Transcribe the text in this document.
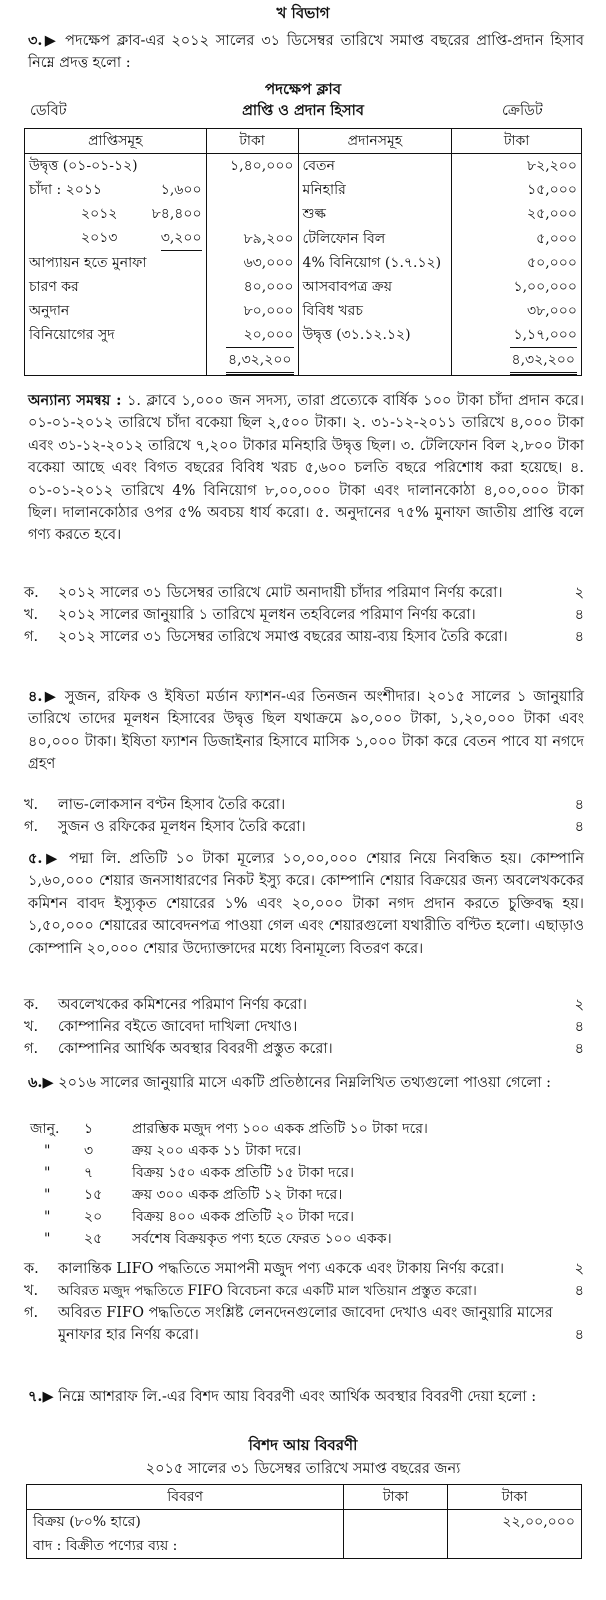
খ বিভাগ
৩.▶ পদক্ষেপ ক্লাব-এর ২০১২ সালের ৩১ ডিসেম্বর তারিখে সমাপ্ত বছরের প্রাপ্তি-প্রদান হিসাব নিম্নে প্রদত্ত হলো :
পদক্ষেপ ক্লাব
ডেবিট	প্রাপ্তি ও প্রদান হিসাব	ক্রেডিট
প্রাপ্তিসমূহ	টাকা	প্রদানসমূহ	টাকা
উদ্বৃত্ত (০১-০১-১২)	১,৪০,০০০	বেতন	৮২,২০০
চাঁদা : ২০১১ ১,৬০০		মনিহারি	১৫,০০০
২০১২ ৮৪,৪০০		শুল্ক	২৫,০০০
২০১৩ ৩,২০০	৮৯,২০০	টেলিফোন বিল	৫,০০০
আপ্যায়ন হতে মুনাফা	৬৩,০০০	4% বিনিয়োগ (১.৭.১২)	৫০,০০০
চারণ কর	৪০,০০০	আসবাবপত্র ক্রয়	১,০০,০০০
অনুদান	৮০,০০০	বিবিধ খরচ	৩৮,০০০
বিনিয়োগের সুদ	২০,০০০	উদ্বৃত্ত (৩১.১২.১২)	১,১৭,০০০
	৪,৩২,২০০		৪,৩২,২০০
অন্যান্য সমন্বয় : ১. ক্লাবে ১,০০০ জন সদস্য, তারা প্রত্যেকে বার্ষিক ১০০ টাকা চাঁদা প্রদান করে। ০১-০১-২০১২ তারিখে চাঁদা বকেয়া ছিল ২,৫০০ টাকা। ২. ৩১-১২-২০১১ তারিখে ৪,০০০ টাকা এবং ৩১-১২-২০১২ তারিখে ৭,২০০ টাকার মনিহারি উদ্বৃত্ত ছিল। ৩. টেলিফোন বিল ২,৮০০ টাকা বকেয়া আছে এবং বিগত বছরের বিবিধ খরচ ৫,৬০০ চলতি বছরে পরিশোধ করা হয়েছে। ৪. ০১-০১-২০১২ তারিখে 4% বিনিয়োগ ৮,০০,০০০ টাকা এবং দালানকোঠা ৪,০০,০০০ টাকা ছিল। দালানকোঠার ওপর ৫% অবচয় ধার্য করো। ৫. অনুদানের ৭৫% মুনাফা জাতীয় প্রাপ্তি বলে গণ্য করতে হবে।
ক.	২০১২ সালের ৩১ ডিসেম্বর তারিখে মোট অনাদায়ী চাঁদার পরিমাণ নির্ণয় করো।	২
খ.	২০১২ সালের জানুয়ারি ১ তারিখে মূলধন তহবিলের পরিমাণ নির্ণয় করো।	৪
গ.	২০১২ সালের ৩১ ডিসেম্বর তারিখে সমাপ্ত বছরের আয়-ব্যয় হিসাব তৈরি করো।	৪
৪.▶ সুজন, রফিক ও ইষিতা মর্ডান ফ্যাশন-এর তিনজন অংশীদার। ২০১৫ সালের ১ জানুয়ারি তারিখে তাদের মূলধন হিসাবের উদ্বৃত্ত ছিল যথাক্রমে ৯০,০০০ টাকা, ১,২০,০০০ টাকা এবং ৪০,০০০ টাকা। ইষিতা ফ্যাশন ডিজাইনার হিসাবে মাসিক ১,০০০ টাকা করে বেতন পাবে যা নগদে গ্রহণ
খ.	লাভ-লোকসান বণ্টন হিসাব তৈরি করো।	৪
গ.	সুজন ও রফিকের মূলধন হিসাব তৈরি করো।	৪
৫.▶ পদ্মা লি. প্রতিটি ১০ টাকা মূল্যের ১০,০০,০০০ শেয়ার নিয়ে নিবন্ধিত হয়। কোম্পানি ১,৬০,০০০ শেয়ার জনসাধারণের নিকট ইস্যু করে। কোম্পানি শেয়ার বিক্রয়ের জন্য অবলেখককের কমিশন বাবদ ইস্যুকৃত শেয়ারের ১% এবং ২০,০০০ টাকা নগদ প্রদান করতে চুক্তিবদ্ধ হয়। ১,৫০,০০০ শেয়ারের আবেদনপত্র পাওয়া গেল এবং শেয়ারগুলো যথারীতি বণ্টিত হলো। এছাড়াও কোম্পানি ২০,০০০ শেয়ার উদ্যোক্তাদের মধ্যে বিনামূল্যে বিতরণ করে।
ক.	অবলেখকের কমিশনের পরিমাণ নির্ণয় করো।	২
খ.	কোম্পানির বইতে জাবেদা দাখিলা দেখাও।	৪
গ.	কোম্পানির আর্থিক অবস্থার বিবরণী প্রস্তুত করো।	৪
৬.▶ ২০১৬ সালের জানুয়ারি মাসে একটি প্রতিষ্ঠানের নিম্নলিখিত তথ্যগুলো পাওয়া গেলো :
জানু.	১	প্রারম্ভিক মজুদ পণ্য ১০০ একক প্রতিটি ১০ টাকা দরে।
"	৩	ক্রয় ২০০ একক ১১ টাকা দরে।
"	৭	বিক্রয় ১৫০ একক প্রতিটি ১৫ টাকা দরে।
"	১৫	ক্রয় ৩০০ একক প্রতিটি ১২ টাকা দরে।
"	২০	বিক্রয় ৪০০ একক প্রতিটি ২০ টাকা দরে।
"	২৫	সর্বশেষ বিক্রয়কৃত পণ্য হতে ফেরত ১০০ একক।
ক.	কালান্তিক LIFO পদ্ধতিতে সমাপনী মজুদ পণ্য এককে এবং টাকায় নির্ণয় করো।	২
খ.	অবিরত মজুদ পদ্ধতিতে FIFO বিবেচনা করে একটি মাল খতিয়ান প্রস্তুত করো।	৪
গ.	অবিরত FIFO পদ্ধতিতে সংশ্লিষ্ট লেনদেনগুলোর জাবেদা দেখাও এবং জানুয়ারি মাসের মুনাফার হার নির্ণয় করো।	৪
৭.▶ নিম্নে আশরাফ লি.-এর বিশদ আয় বিবরণী এবং আর্থিক অবস্থার বিবরণী দেয়া হলো :
বিশদ আয় বিবরণী
২০১৫ সালের ৩১ ডিসেম্বর তারিখে সমাপ্ত বছরের জন্য
বিবরণ	টাকা	টাকা
বিক্রয় (৮০% হারে)		২২,০০,০০০
বাদ : বিক্রীত পণ্যের ব্যয় :		
